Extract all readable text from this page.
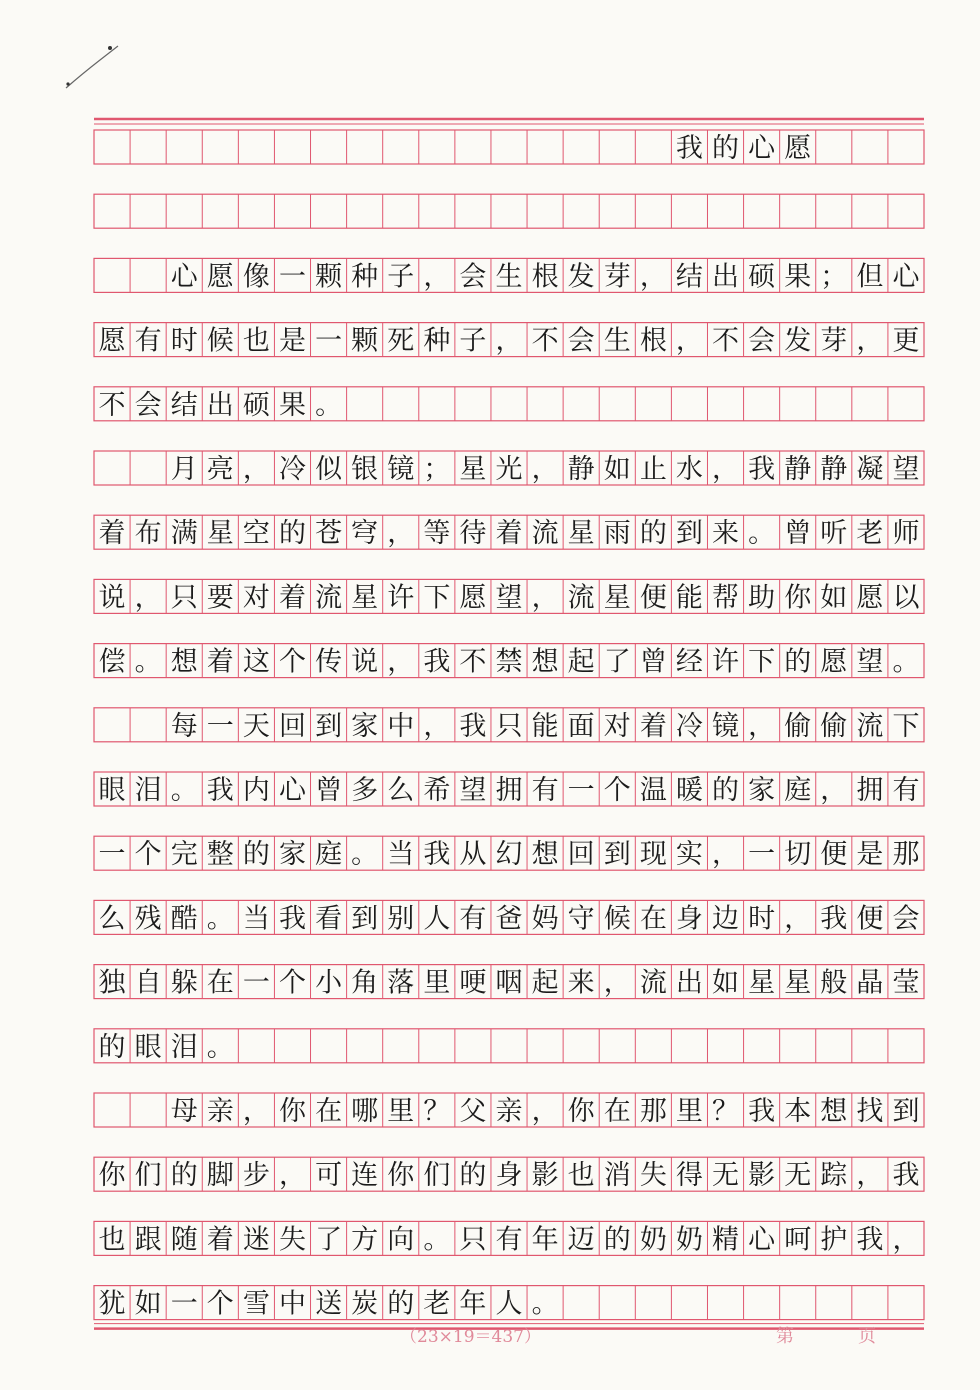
我 的 心 愿
心 愿 像 一 颗 种 子 ， 会 生 根 发 芽 ， 结 出 硕 果 ； 但 心
愿 有 时 候 也 是 一 颗 死 种 子 ， 不 会 生 根 ， 不 会 发 芽 ， 更
不 会 结 出 硕 果 。
月 亮 ， 冷 似 银 镜 ； 星 光 ， 静 如 止 水 ， 我 静 静 凝 望
着 布 满 星 空 的 苍 穹 ， 等 待 着 流 星 雨 的 到 来 。 曾 听 老 师
说 ， 只 要 对 着 流 星 许 下 愿 望 ， 流 星 便 能 帮 助 你 如 愿 以
偿 。 想 着 这 个 传 说 ， 我 不 禁 想 起 了 曾 经 许 下 的 愿 望 。
每 一 天 回 到 家 中 ， 我 只 能 面 对 着 冷 镜 ， 偷 偷 流 下
眼 泪 。 我 内 心 曾 多 么 希 望 拥 有 一 个 温 暖 的 家 庭 ， 拥 有
一 个 完 整 的 家 庭 。 当 我 从 幻 想 回 到 现 实 ， 一 切 便 是 那
么 残 酷 。 当 我 看 到 别 人 有 爸 妈 守 候 在 身 边 时 ， 我 便 会
独 自 躲 在 一 个 小 角 落 里 哽 咽 起 来 ， 流 出 如 星 星 般 晶 莹
的 眼 泪 。
母 亲 ， 你 在 哪 里 ？ 父 亲 ， 你 在 那 里 ？ 我 本 想 找 到
你 们 的 脚 步 ， 可 连 你 们 的 身 影 也 消 失 得 无 影 无 踪 ， 我
也 跟 随 着 迷 失 了 方 向 。 只 有 年 迈 的 奶 奶 精 心 呵 护 我 ，
犹 如 一 个 雪 中 送 炭 的 老 年 人 。
（23×19＝437）	第	页
